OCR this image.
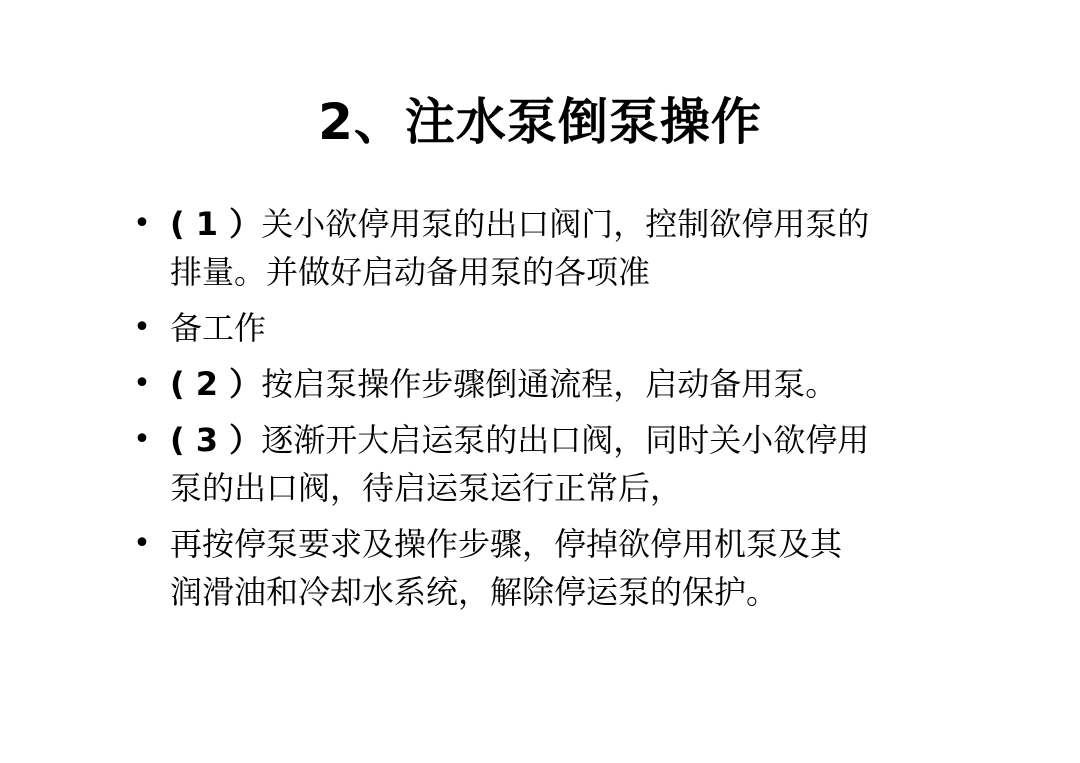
2、注水泵倒泵操作
• ( 1 ）关小欲停用泵的出口阀门，控制欲停用泵的
排量。并做好启动备用泵的各项准
• 备工作
• ( 2 ）按启泵操作步骤倒通流程，启动备用泵。
• ( 3 ）逐渐开大启运泵的出口阀，同时关小欲停用
泵的出口阀，待启运泵运行正常后，
• 再按停泵要求及操作步骤，停掉欲停用机泵及其
润滑油和冷却水系统，解除停运泵的保护。
